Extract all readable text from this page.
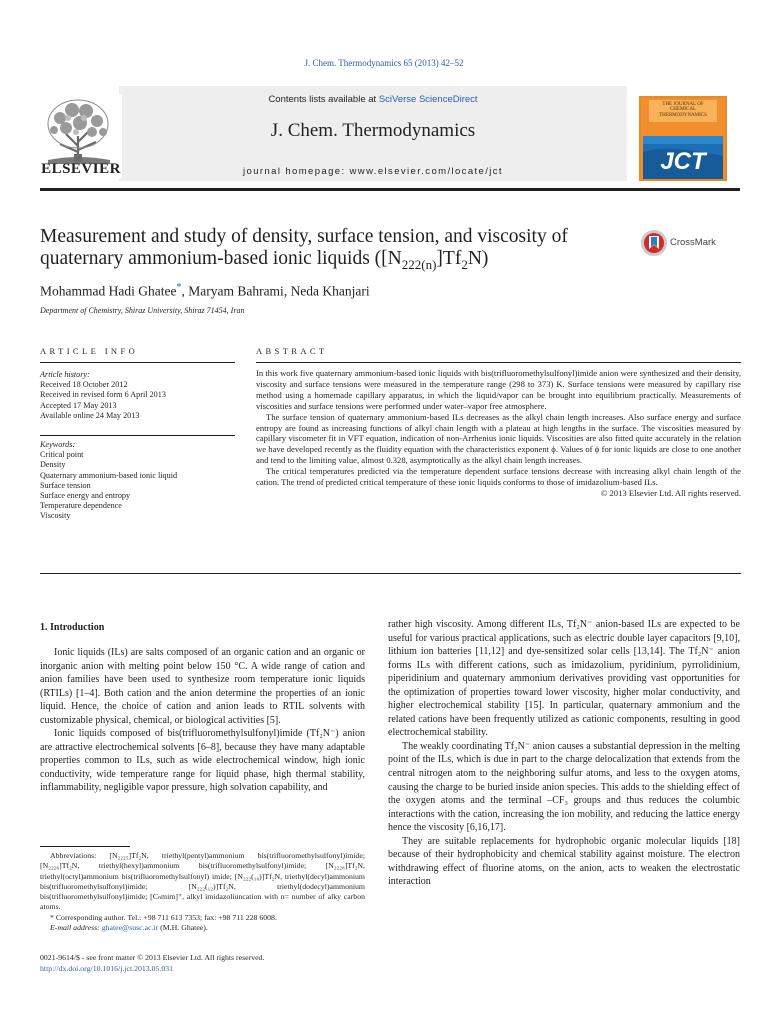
J. Chem. Thermodynamics 65 (2013) 42–52
Contents lists available at SciVerse ScienceDirect
J. Chem. Thermodynamics
journal homepage: www.elsevier.com/locate/jct
ELSEVIER
THE JOURNAL OF CHEMICAL THERMODYNAMICS
JCT
Measurement and study of density, surface tension, and viscosity of
quaternary ammonium-based ionic liquids $([N_{222(n)}]Tf_2N)$
CrossMark
Mohammad Hadi Ghatee*, Maryam Bahrami, Neda Khanjari
Department of Chemistry, Shiraz University, Shiraz 71454, Iran
ARTICLE INFO
Article history:
Received 18 October 2012
Received in revised form 6 April 2013
Accepted 17 May 2013
Available online 24 May 2013
Keywords:
Critical point
Density
Quaternary ammonium-based ionic liquid
Surface tension
Surface energy and entropy
Temperature dependence
Viscosity
ABSTRACT

In this work five quaternary ammonium-based ionic liquids with bis(trifluoromethylsulfonyl)imide anion were synthesized and their density, viscosity and surface tensions were measured in the temperature range (298 to 373) K. Surface tensions were measured by capillary rise method using a homemade capillary apparatus, in which the liquid/vapor can be brought into equilibrium practically. Measurements of viscosities and surface tensions were performed under water–vapor free atmosphere.

The surface tension of quaternary ammonium-based ILs decreases as the alkyl chain length increases. Also surface energy and surface entropy are found as increasing functions of alkyl chain length with a plateau at high lengths in the surface. The viscosities measured by capillary viscometer fit in VFT equation, indication of non-Arrhenius ionic liquids. Viscosities are also fitted quite accurately in the relation we have developed recently as the fluidity equation with the characteristics exponent ϕ. Values of ϕ for ionic liquids are close to one another and tend to the limiting value, almost 0.328, asymptotically as the alkyl chain length increases.

The critical temperatures predicted via the temperature dependent surface tensions decrease with increasing alkyl chain length of the cation. The trend of predicted critical temperature of these ionic liquids conforms to those of imidazolium-based ILs.

© 2013 Elsevier Ltd. All rights reserved.
1. Introduction

Ionic liquids (ILs) are salts composed of an organic cation and an organic or inorganic anion with melting point below 150 °C. A wide range of cation and anion families have been used to synthesize room temperature ionic liquids (RTILs) [1–4]. Both cation and the anion determine the properties of an ionic liquid. Hence, the choice of cation and anion leads to RTIL solvents with customizable physical, chemical, or biological activities [5].

Ionic liquids composed of bis(trifluoromethylsulfonyl)imide (Tf₂N⁻) anion are attractive electrochemical solvents [6–8], because they have many adaptable properties common to ILs, such as wide electrochemical window, high ionic conductivity, wide temperature range for liquid phase, high thermal stability, inflammability, negligible vapor pressure, high solvation capability, and

rather high viscosity. Among different ILs, Tf₂N⁻ anion-based ILs are expected to be useful for various practical applications, such as electric double layer capacitors [9,10], lithium ion batteries [11,12] and dye-sensitized solar cells [13,14]. The Tf₂N⁻ anion forms ILs with different cations, such as imidazolium, pyridinium, pyrrolidinium, piperidinium and quaternary ammonium derivatives providing vast opportunities for the optimization of properties toward lower viscosity, higher molar conductivity, and higher electrochemical stability [15]. In particular, quaternary ammonium and the related cations have been frequently utilized as cationic components, resulting in good electrochemical stability.

The weakly coordinating Tf₂N⁻ anion causes a substantial depression in the melting point of the ILs, which is due in part to the charge delocalization that extends from the central nitrogen atom to the neighboring sulfur atoms, and less to the oxygen atoms, causing the charge to be buried inside anion species. This adds to the shielding effect of the oxygen atoms and the terminal –CF₃ groups and thus reduces the columbic interactions with the cation, increasing the ion mobility, and reducing the lattice energy hence the viscosity [6,16,17].

They are suitable replacements for hydrophobic organic molecular liquids [18] because of their hydrophobicity and chemical stability against moisture. The electron withdrawing effect of fluorine atoms, on the anion, acts to weaken the electrostatic interaction

Abbreviations: [N₂₂₂₅]Tf₂N, triethyl(pentyl)ammonium bis(trifluoromethylsulfonyl)imide; [N₂₂₂₆]Tf₂N, triethyl(hexyl)ammonium bis(trifluoromethylsulfonyl)imide; [N₂₂₂₈]Tf₂N, triethyl(octyl)ammonium bis(trifluoromethylsulfonyl) imide; [N₂₂₂(₁₀)]Tf₂N, triethyl(decyl)ammonium bis(trifluoromethylsulfonyl)imide; [N₂₂₂(₁₂)]Tf₂N, triethyl(dodecyl)ammonium bis(trifluoromethylsulfonyl)imide; [Cₙmim]⁺, alkyl imidazoliuncation with n= number of alky carbon atoms.

* Corresponding author. Tel.: +98 711 613 7353; fax: +98 711 228 6008.

E-mail address: ghatee@susc.ac.ir (M.H. Ghatee).

0021-9614/$ - see front matter © 2013 Elsevier Ltd. All rights reserved.
http://dx.doi.org/10.1016/j.jct.2013.05.031
